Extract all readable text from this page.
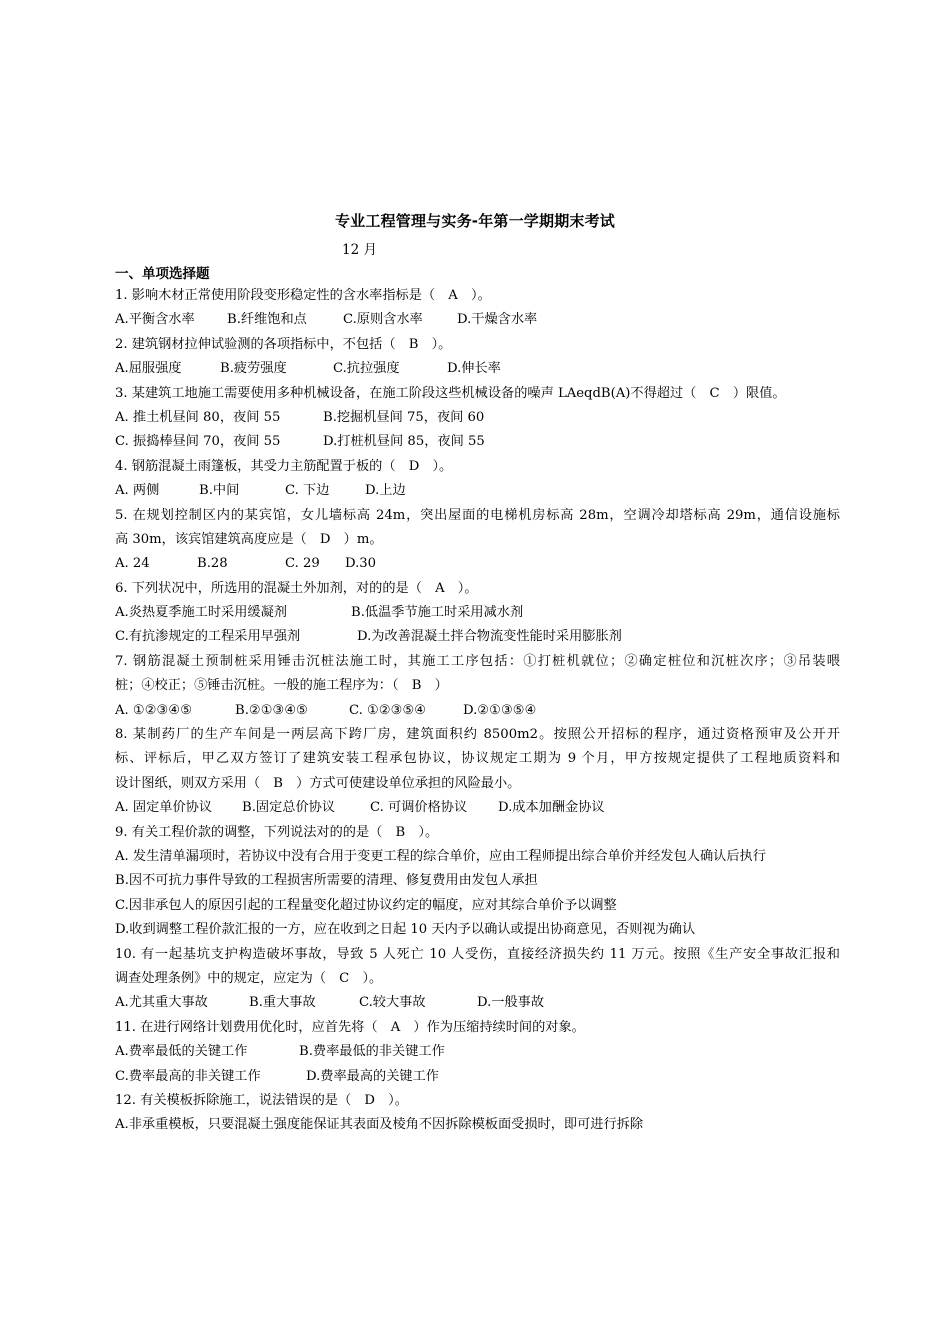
专业工程管理与实务-年第一学期期末考试
12 月
一、单项选择题
1. 影响木材正常使用阶段变形稳定性的含水率指标是（　A　）。
A.平衡含水率 B.纤维饱和点	C.原则含水率	D.干燥含水率
2. 建筑钢材拉伸试验测的各项指标中，不包括（　B　）。
A.屈服强度	B.疲劳强度	C.抗拉强度	D.伸长率
3. 某建筑工地施工需要使用多种机械设备，在施工阶段这些机械设备的噪声 LAeqdB(A)不得超过（　C　）限值。
A. 推土机昼间 80，夜间 55	B.挖掘机昼间 75，夜间 60
C. 振捣棒昼间 70，夜间 55	D.打桩机昼间 85，夜间 55
4. 钢筋混凝土雨篷板，其受力主筋配置于板的（　D　）。
A. 两侧	B.中间	C. 下边	D.上边
5. 在规划控制区内的某宾馆，女儿墙标高 24m，突出屋面的电梯机房标高 28m，空调冷却塔标高 29m，通信设施标
高 30m，该宾馆建筑高度应是（　D　）m。
A. 24	B.28	C. 29 D.30
6. 下列状况中，所选用的混凝土外加剂，对的的是（　A　）。
A.炎热夏季施工时采用缓凝剂	B.低温季节施工时采用减水剂
C.有抗渗规定的工程采用早强剂	D.为改善混凝土拌合物流变性能时采用膨胀剂
7. 钢筋混凝土预制桩采用锤击沉桩法施工时，其施工工序包括：①打桩机就位；②确定桩位和沉桩次序；③吊装喂
桩；④校正；⑤锤击沉桩。一般的施工程序为：（　B　）
A. ①②③④⑤	B.②①③④⑤	C. ①②③⑤④	D.②①③⑤④
8. 某制药厂的生产车间是一两层高下跨厂房，建筑面积约 8500m2。按照公开招标的程序，通过资格预审及公开开
标、评标后，甲乙双方签订了建筑安装工程承包协议，协议规定工期为 9 个月，甲方按规定提供了工程地质资料和
设计图纸，则双方采用（　B　）方式可使建设单位承担的风险最小。
A. 固定单价协议 B.固定总价协议	C. 可调价格协议 D.成本加酬金协议
9. 有关工程价款的调整，下列说法对的的是（　B　）。
A. 发生清单漏项时，若协议中没有合用于变更工程的综合单价，应由工程师提出综合单价并经发包人确认后执行
B.因不可抗力事件导致的工程损害所需要的清理、修复费用由发包人承担
C.因非承包人的原因引起的工程量变化超过协议约定的幅度，应对其综合单价予以调整
D.收到调整工程价款汇报的一方，应在收到之日起 10 天内予以确认或提出协商意见，否则视为确认
10. 有一起基坑支护构造破坏事故，导致 5 人死亡 10 人受伤，直接经济损失约 11 万元。按照《生产安全事故汇报和
调查处理条例》中的规定，应定为（　C　）。
A.尤其重大事故	B.重大事故	C.较大事故	D.一般事故
11. 在进行网络计划费用优化时，应首先将（　A　）作为压缩持续时间的对象。
A.费率最低的关键工作	B.费率最低的非关键工作
C.费率最高的非关键工作	D.费率最高的关键工作
12. 有关模板拆除施工，说法错误的是（　D　）。
A.非承重模板，只要混凝土强度能保证其表面及棱角不因拆除模板面受损时，即可进行拆除
